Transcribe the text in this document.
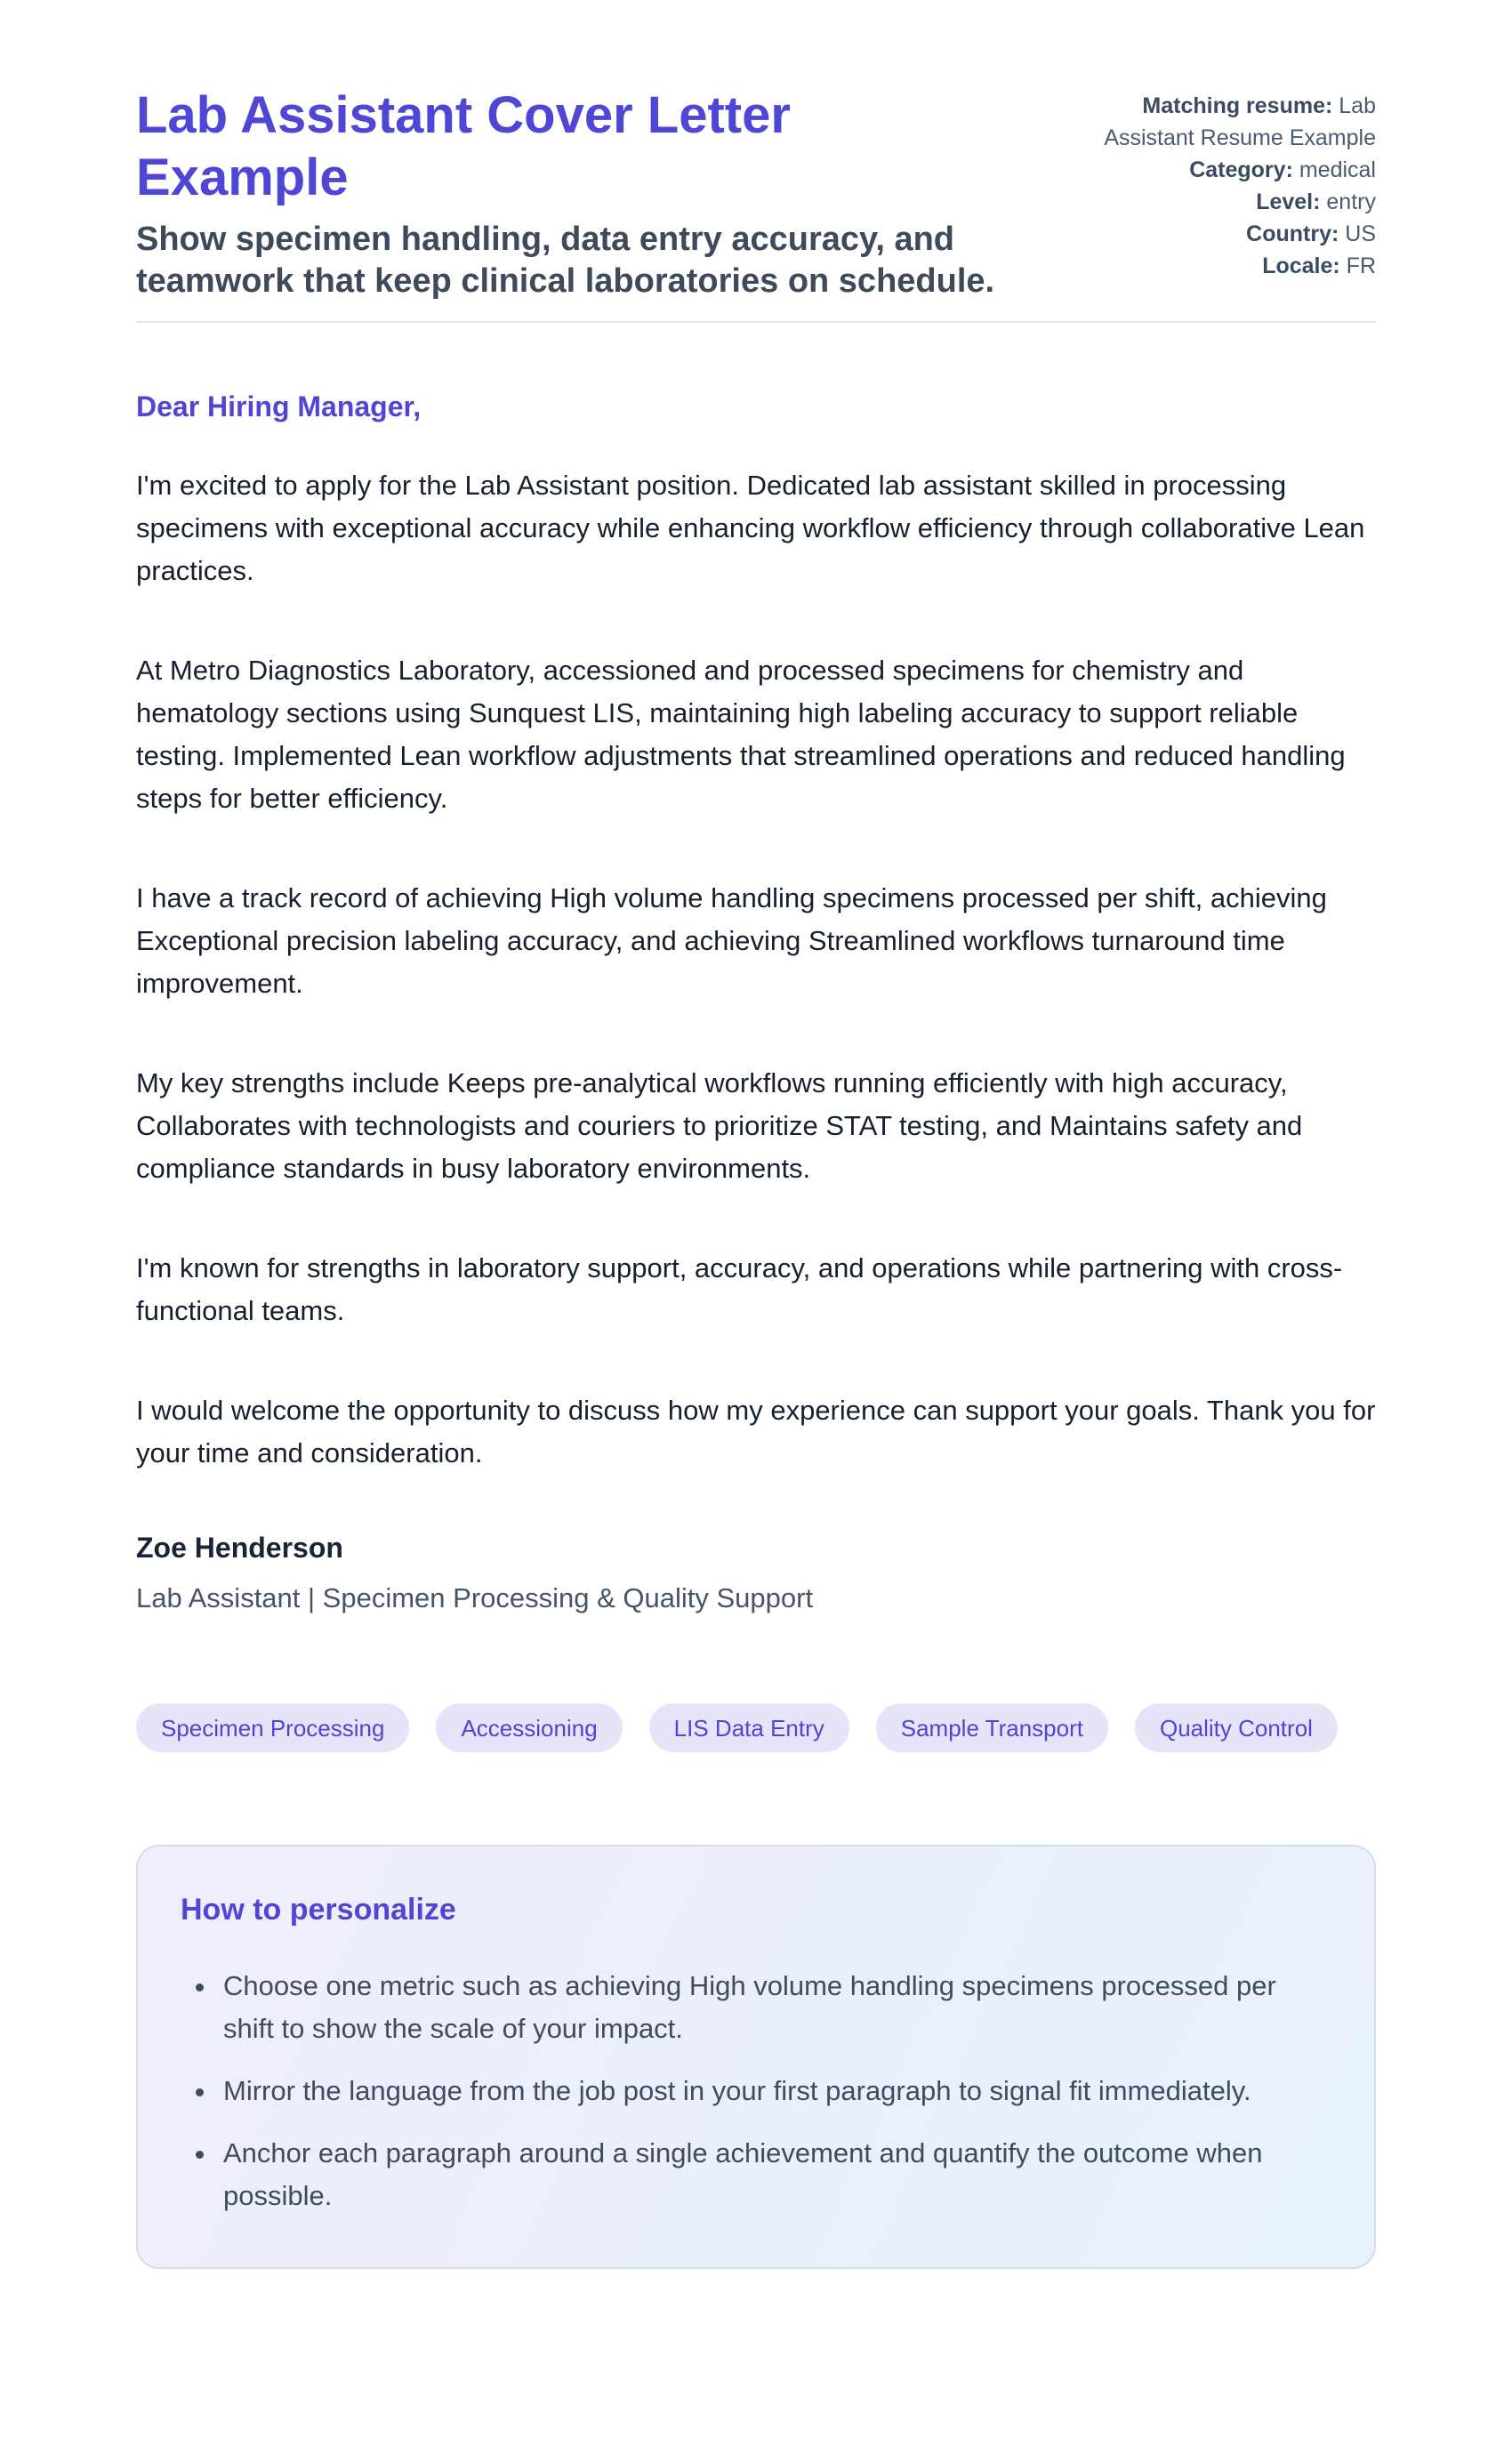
Lab Assistant Cover Letter Example

Show specimen handling, data entry accuracy, and teamwork that keep clinical laboratories on schedule.

Matching resume: Lab Assistant Resume Example
Category: medical
Level: entry
Country: US
Locale: FR

Dear Hiring Manager,

I'm excited to apply for the Lab Assistant position. Dedicated lab assistant skilled in processing specimens with exceptional accuracy while enhancing workflow efficiency through collaborative Lean practices.

At Metro Diagnostics Laboratory, accessioned and processed specimens for chemistry and hematology sections using Sunquest LIS, maintaining high labeling accuracy to support reliable testing. Implemented Lean workflow adjustments that streamlined operations and reduced handling steps for better efficiency.

I have a track record of achieving High volume handling specimens processed per shift, achieving Exceptional precision labeling accuracy, and achieving Streamlined workflows turnaround time improvement.

My key strengths include Keeps pre-analytical workflows running efficiently with high accuracy, Collaborates with technologists and couriers to prioritize STAT testing, and Maintains safety and compliance standards in busy laboratory environments.

I'm known for strengths in laboratory support, accuracy, and operations while partnering with cross-functional teams.

I would welcome the opportunity to discuss how my experience can support your goals. Thank you for your time and consideration.

Zoe Henderson

Lab Assistant | Specimen Processing & Quality Support

Specimen Processing	Accessioning	LIS Data Entry	Sample Transport	Quality Control
How to personalize
• Choose one metric such as achieving High volume handling specimens processed per shift to show the scale of your impact.
• Mirror the language from the job post in your first paragraph to signal fit immediately.
• Anchor each paragraph around a single achievement and quantify the outcome when possible.
